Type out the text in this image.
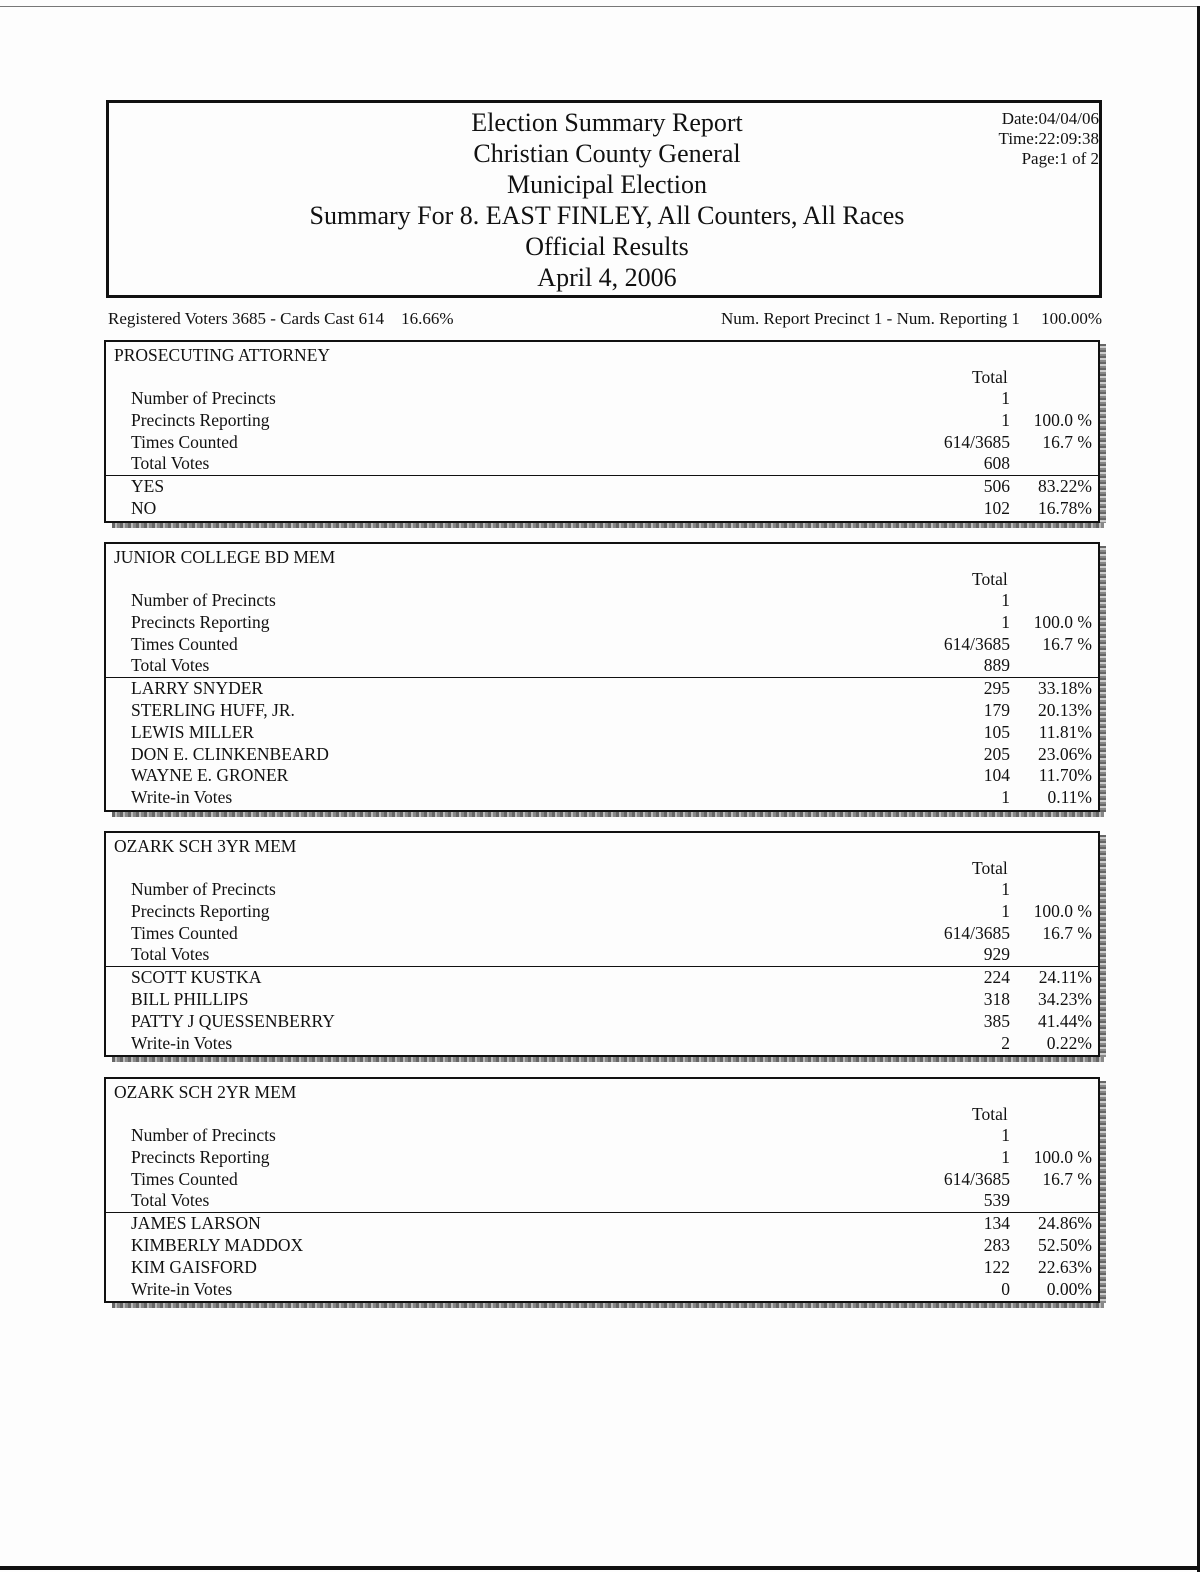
Election Summary Report
Christian County General
Municipal Election
Summary For 8. EAST FINLEY, All Counters, All Races
Official Results
April 4, 2006
Date:04/04/06
Time:22:09:38
Page:1 of 2
Registered Voters 3685 - Cards Cast 614    16.66%	Num. Report Precinct 1 - Num. Reporting 1     100.00%
PROSECUTING ATTORNEY
Total
Number of Precincts	1
Precincts Reporting	1 100.0 %
Times Counted	614/3685 16.7 %
Total Votes	608
YES	506 83.22%
NO	102 16.78%
JUNIOR COLLEGE BD MEM
Total
Number of Precincts	1
Precincts Reporting	1 100.0 %
Times Counted	614/3685 16.7 %
Total Votes	889
LARRY SNYDER	295 33.18%
STERLING HUFF, JR.	179 20.13%
LEWIS MILLER	105 11.81%
DON E. CLINKENBEARD	205 23.06%
WAYNE E. GRONER	104 11.70%
Write-in Votes	1 0.11%
OZARK SCH 3YR MEM
Total
Number of Precincts	1
Precincts Reporting	1 100.0 %
Times Counted	614/3685 16.7 %
Total Votes	929
SCOTT KUSTKA	224 24.11%
BILL PHILLIPS	318 34.23%
PATTY J QUESSENBERRY	385 41.44%
Write-in Votes	2 0.22%
OZARK SCH 2YR MEM
Total
Number of Precincts	1
Precincts Reporting	1 100.0 %
Times Counted	614/3685 16.7 %
Total Votes	539
JAMES LARSON	134 24.86%
KIMBERLY MADDOX	283 52.50%
KIM GAISFORD	122 22.63%
Write-in Votes	0 0.00%
